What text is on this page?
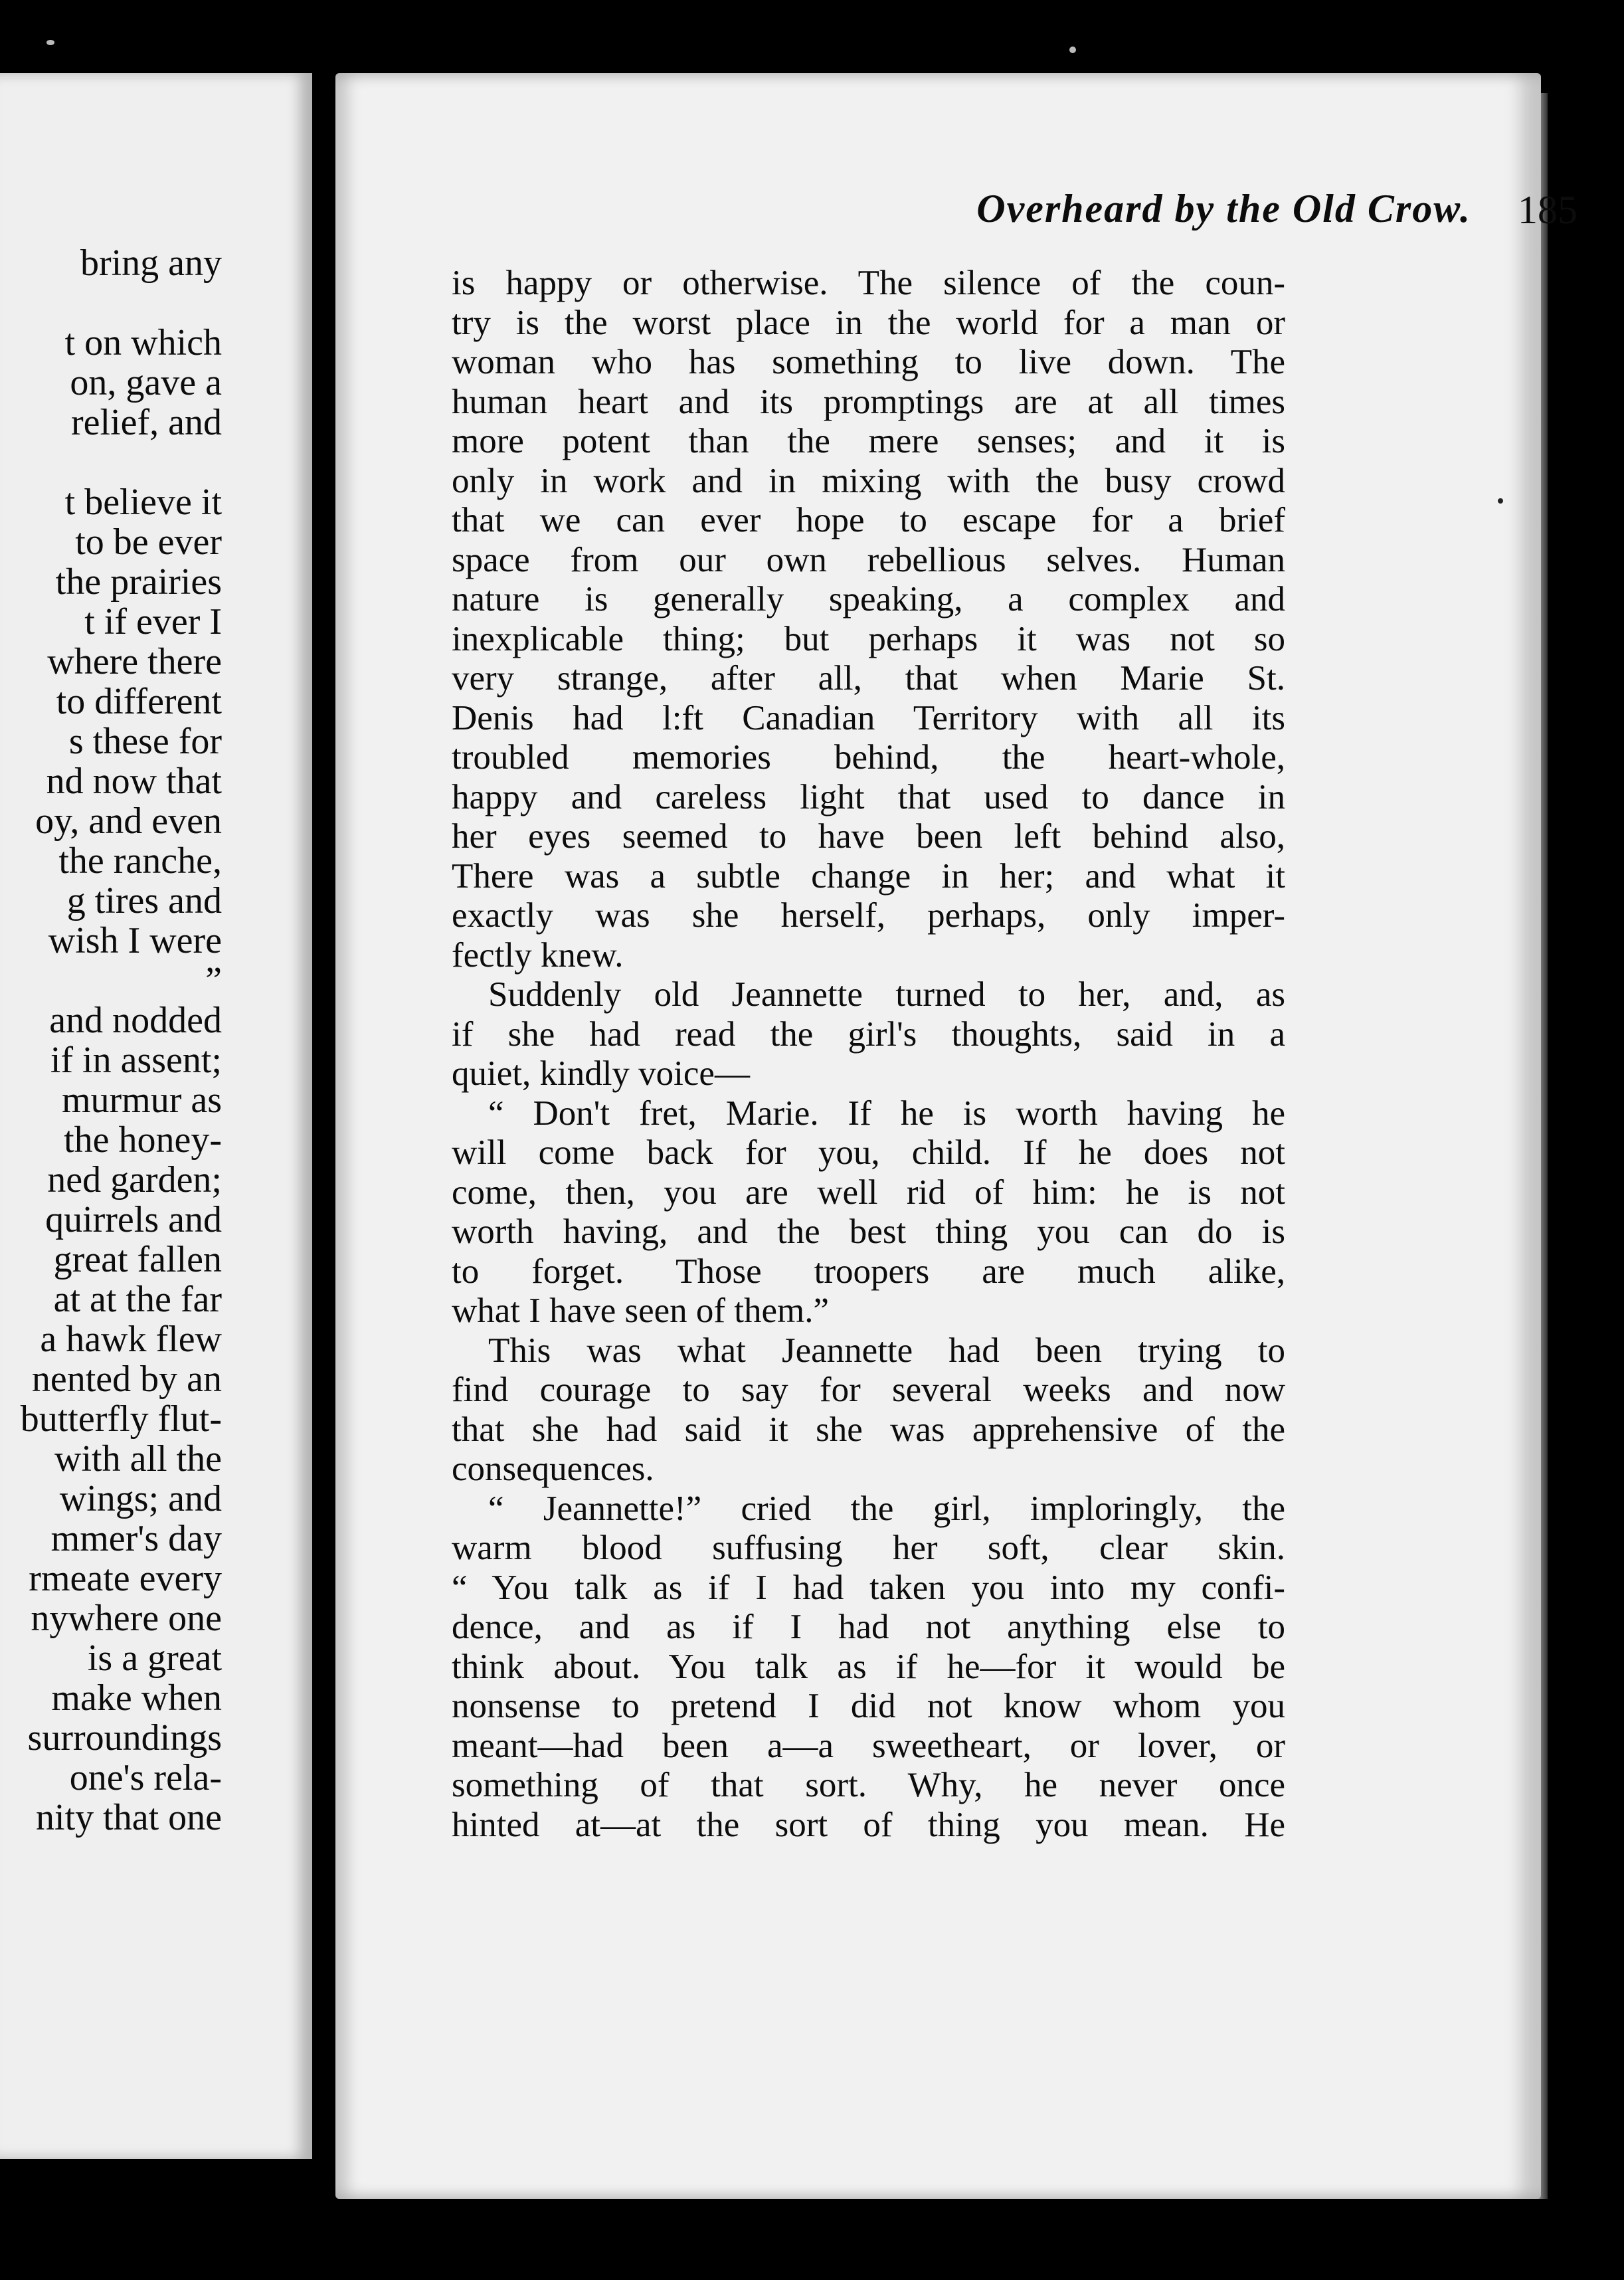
bring any
t on which
on, gave a
relief, and
t believe it
to be ever
the prairies
t if ever I
where there
to different
s these for
nd now that
oy, and even
the ranche,
g tires and
wish I were
”
and nodded
if in assent;
murmur as
the honey-
ned garden;
quirrels and
great fallen
at at the far
a hawk flew
nented by an
butterfly flut-
with all the
wings; and
mmer's day
rmeate every
nywhere one
is a great
make when
surroundings
one's rela-
nity that one
Overheard by the Old Crow. 185
is happy or otherwise. The silence of the coun-
try is the worst place in the world for a man or
woman who has something to live down. The
human heart and its promptings are at all times
more potent than the mere senses; and it is
only in work and in mixing with the busy crowd
that we can ever hope to escape for a brief
space from our own rebellious selves. Human
nature is generally speaking, a complex and
inexplicable thing; but perhaps it was not so
very strange, after all, that when Marie St.
Denis had l:ft Canadian Territory with all its
troubled memories behind, the heart-whole,
happy and careless light that used to dance in
her eyes seemed to have been left behind also,
There was a subtle change in her; and what it
exactly was she herself, perhaps, only imper-
fectly knew.
Suddenly old Jeannette turned to her, and, as
if she had read the girl's thoughts, said in a
quiet, kindly voice—
“ Don't fret, Marie. If he is worth having he
will come back for you, child. If he does not
come, then, you are well rid of him: he is not
worth having, and the best thing you can do is
to forget. Those troopers are much alike,
what I have seen of them.”
This was what Jeannette had been trying to
find courage to say for several weeks and now
that she had said it she was apprehensive of the
consequences.
“ Jeannette!” cried the girl, imploringly, the
warm blood suffusing her soft, clear skin.
“ You talk as if I had taken you into my confi-
dence, and as if I had not anything else to
think about. You talk as if he—for it would be
nonsense to pretend I did not know whom you
meant—had been a—a sweetheart, or lover, or
something of that sort. Why, he never once
hinted at—at the sort of thing you mean. He
